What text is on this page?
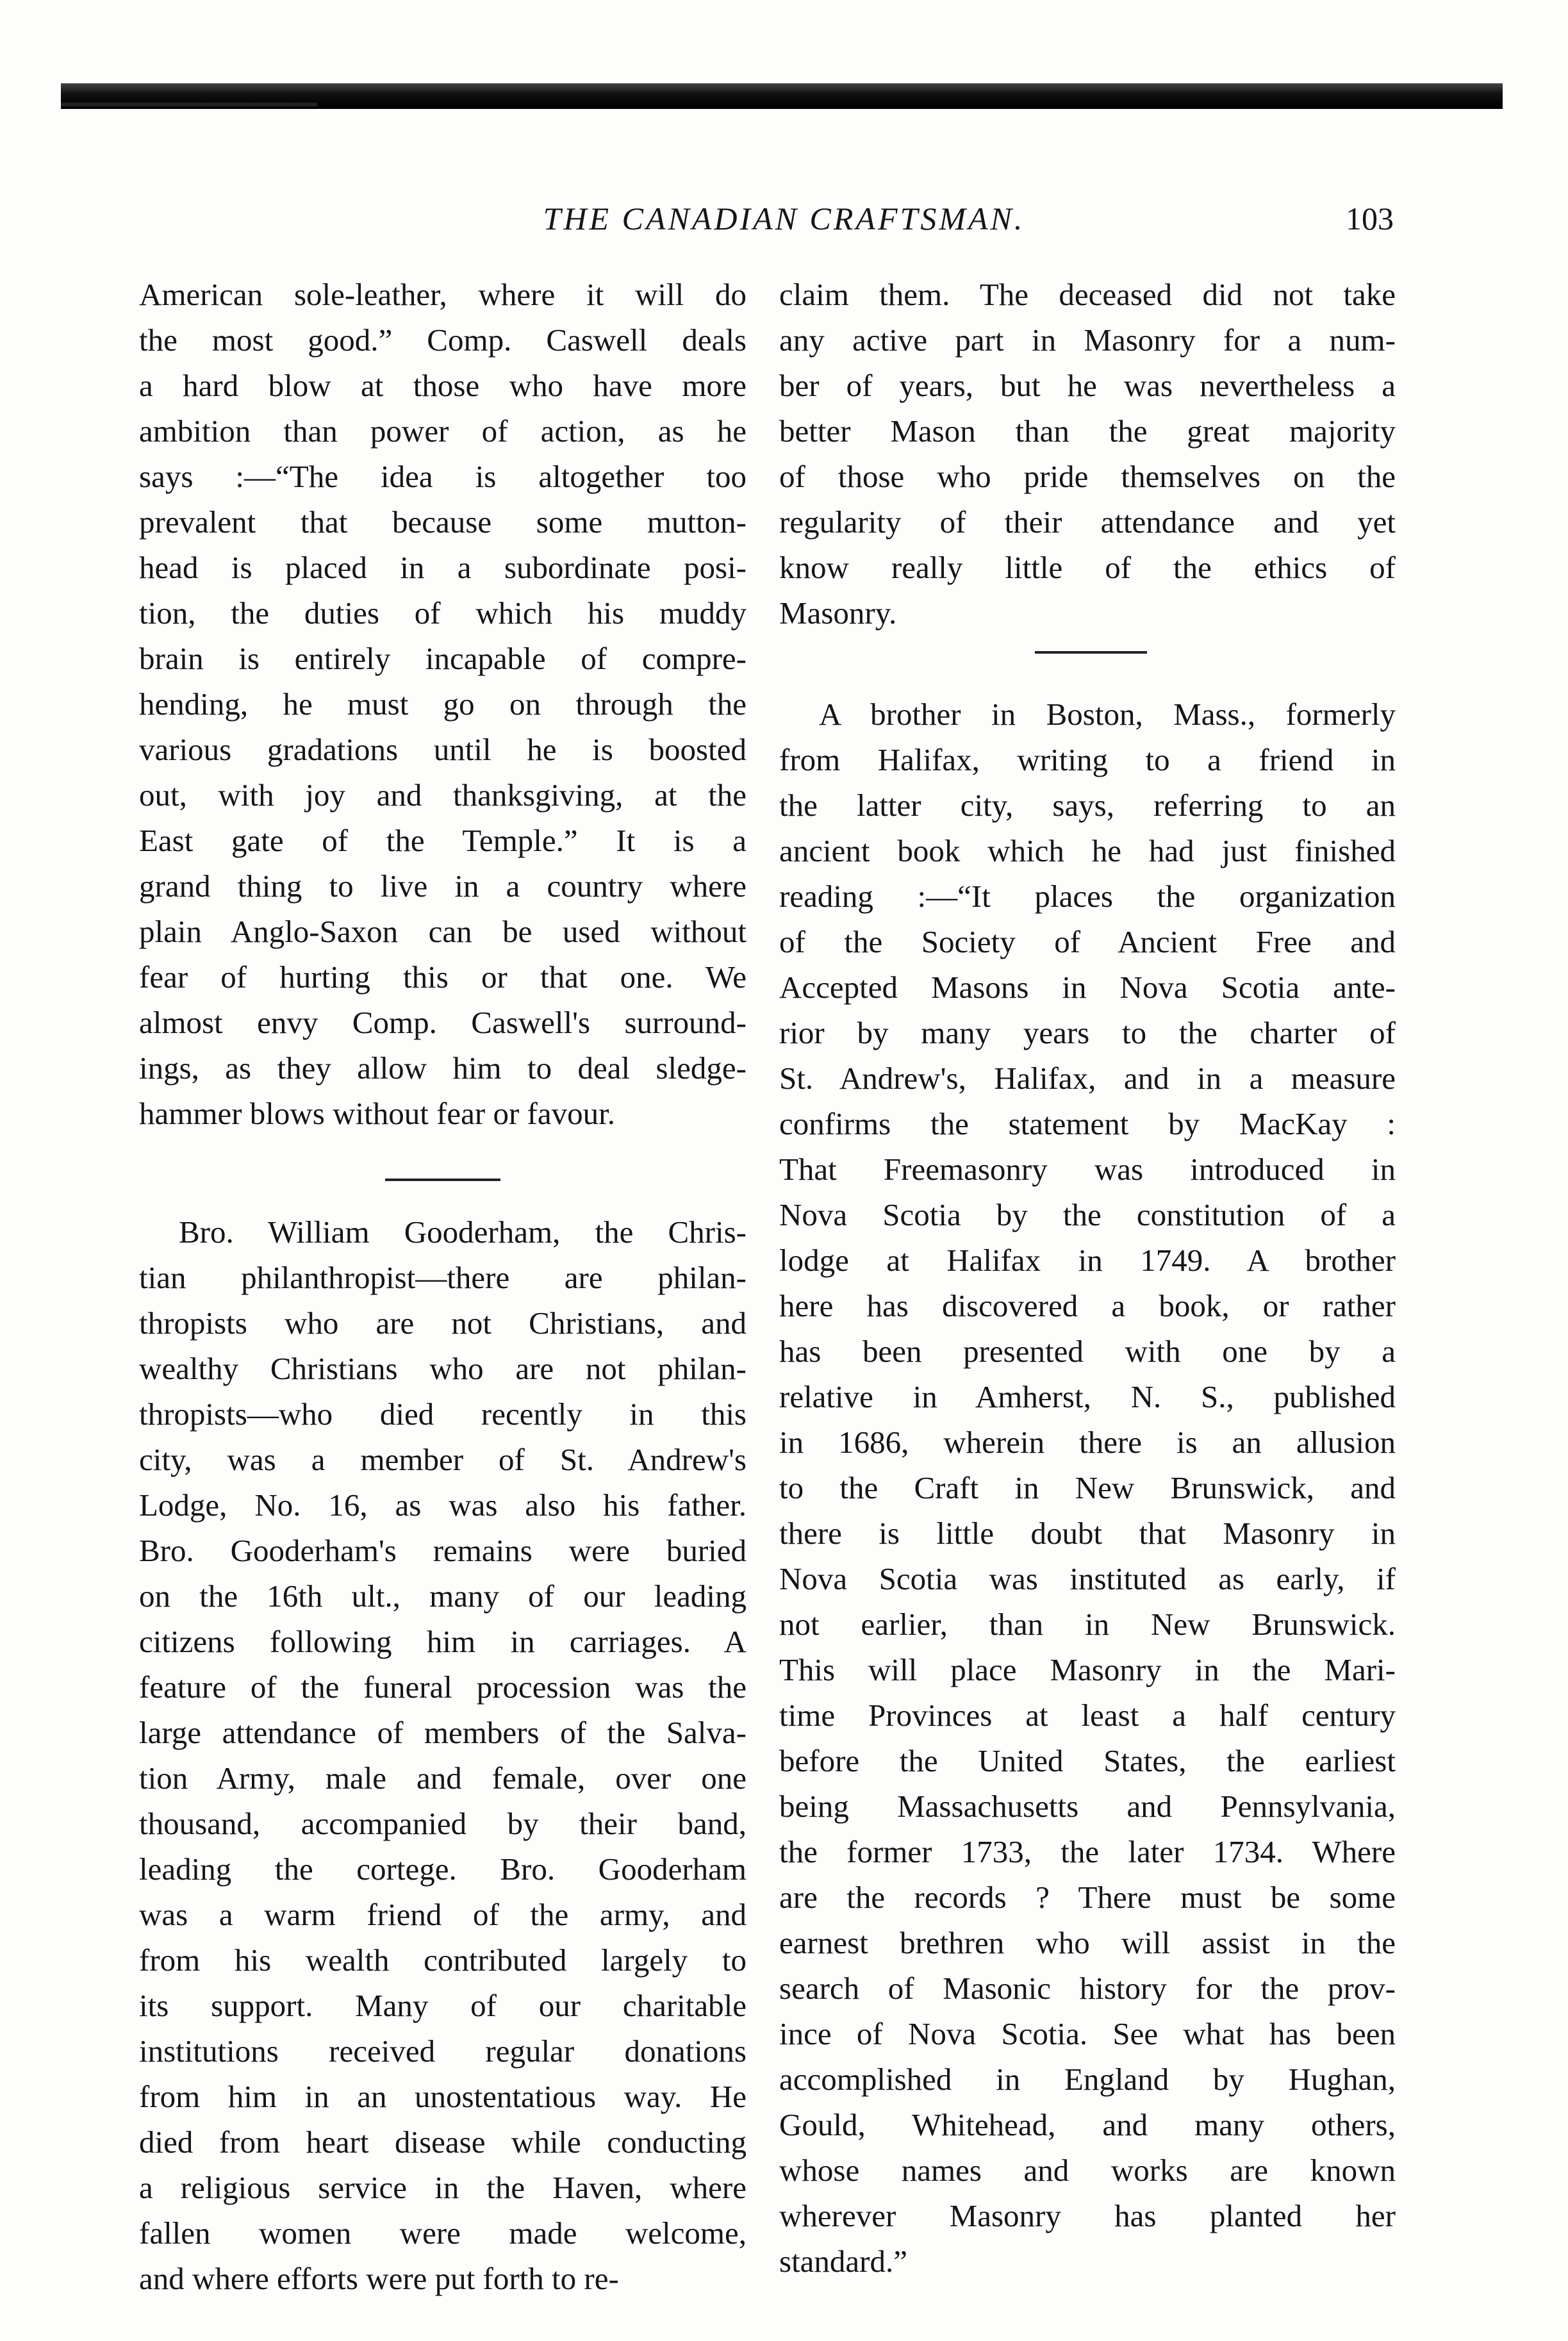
THE CANADIAN CRAFTSMAN.	103
American sole-leather, where it will do
the most good.” Comp. Caswell deals
a hard blow at those who have more
ambition than power of action, as he
says :—“The idea is altogether too
prevalent that because some mutton-
head is placed in a subordinate posi-
tion, the duties of which his muddy
brain is entirely incapable of compre-
hending, he must go on through the
various gradations until he is boosted
out, with joy and thanksgiving, at the
East gate of the Temple.” It is a
grand thing to live in a country where
plain Anglo-Saxon can be used without
fear of hurting this or that one. We
almost envy Comp. Caswell's surround-
ings, as they allow him to deal sledge-
hammer blows without fear or favour.
Bro. William Gooderham, the Chris-
tian philanthropist—there are philan-
thropists who are not Christians, and
wealthy Christians who are not philan-
thropists—who died recently in this
city, was a member of St. Andrew's
Lodge, No. 16, as was also his father.
Bro. Gooderham's remains were buried
on the 16th ult., many of our leading
citizens following him in carriages. A
feature of the funeral procession was the
large attendance of members of the Salva-
tion Army, male and female, over one
thousand, accompanied by their band,
leading the cortege. Bro. Gooderham
was a warm friend of the army, and
from his wealth contributed largely to
its support. Many of our charitable
institutions received regular donations
from him in an unostentatious way. He
died from heart disease while conducting
a religious service in the Haven, where
fallen women were made welcome,
and where efforts were put forth to re-
claim them. The deceased did not take
any active part in Masonry for a num-
ber of years, but he was nevertheless a
better Mason than the great majority
of those who pride themselves on the
regularity of their attendance and yet
know really little of the ethics of
Masonry.
A brother in Boston, Mass., formerly
from Halifax, writing to a friend in
the latter city, says, referring to an
ancient book which he had just finished
reading :—“It places the organization
of the Society of Ancient Free and
Accepted Masons in Nova Scotia ante-
rior by many years to the charter of
St. Andrew's, Halifax, and in a measure
confirms the statement by MacKay :
That Freemasonry was introduced in
Nova Scotia by the constitution of a
lodge at Halifax in 1749. A brother
here has discovered a book, or rather
has been presented with one by a
relative in Amherst, N. S., published
in 1686, wherein there is an allusion
to the Craft in New Brunswick, and
there is little doubt that Masonry in
Nova Scotia was instituted as early, if
not earlier, than in New Brunswick.
This will place Masonry in the Mari-
time Provinces at least a half century
before the United States, the earliest
being Massachusetts and Pennsylvania,
the former 1733, the later 1734. Where
are the records ? There must be some
earnest brethren who will assist in the
search of Masonic history for the prov-
ince of Nova Scotia. See what has been
accomplished in England by Hughan,
Gould, Whitehead, and many others,
whose names and works are known
wherever Masonry has planted her
standard.”
